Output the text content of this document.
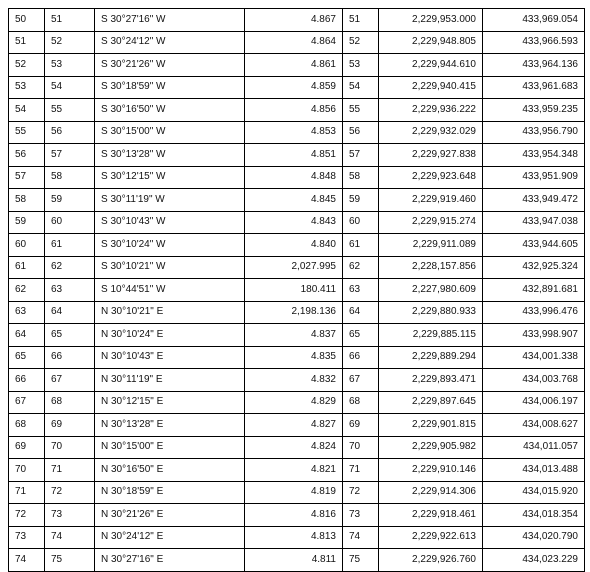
50	51	S 30°27'16" W	4.867	51	2,229,953.000	433,969.054
51	52	S 30°24'12" W	4.864	52	2,229,948.805	433,966.593
52	53	S 30°21'26" W	4.861	53	2,229,944.610	433,964.136
53	54	S 30°18'59" W	4.859	54	2,229,940.415	433,961.683
54	55	S 30°16'50" W	4.856	55	2,229,936.222	433,959.235
55	56	S 30°15'00" W	4.853	56	2,229,932.029	433,956.790
56	57	S 30°13'28" W	4.851	57	2,229,927.838	433,954.348
57	58	S 30°12'15" W	4.848	58	2,229,923.648	433,951.909
58	59	S 30°11'19" W	4.845	59	2,229,919.460	433,949.472
59	60	S 30°10'43" W	4.843	60	2,229,915.274	433,947.038
60	61	S 30°10'24" W	4.840	61	2,229,911.089	433,944.605
61	62	S 30°10'21" W	2,027.995	62	2,228,157.856	432,925.324
62	63	S 10°44'51" W	180.411	63	2,227,980.609	432,891.681
63	64	N 30°10'21" E	2,198.136	64	2,229,880.933	433,996.476
64	65	N 30°10'24" E	4.837	65	2,229,885.115	433,998.907
65	66	N 30°10'43" E	4.835	66	2,229,889.294	434,001.338
66	67	N 30°11'19" E	4.832	67	2,229,893.471	434,003.768
67	68	N 30°12'15" E	4.829	68	2,229,897.645	434,006.197
68	69	N 30°13'28" E	4.827	69	2,229,901.815	434,008.627
69	70	N 30°15'00" E	4.824	70	2,229,905.982	434,011.057
70	71	N 30°16'50" E	4.821	71	2,229,910.146	434,013.488
71	72	N 30°18'59" E	4.819	72	2,229,914.306	434,015.920
72	73	N 30°21'26" E	4.816	73	2,229,918.461	434,018.354
73	74	N 30°24'12" E	4.813	74	2,229,922.613	434,020.790
74	75	N 30°27'16" E	4.811	75	2,229,926.760	434,023.229
